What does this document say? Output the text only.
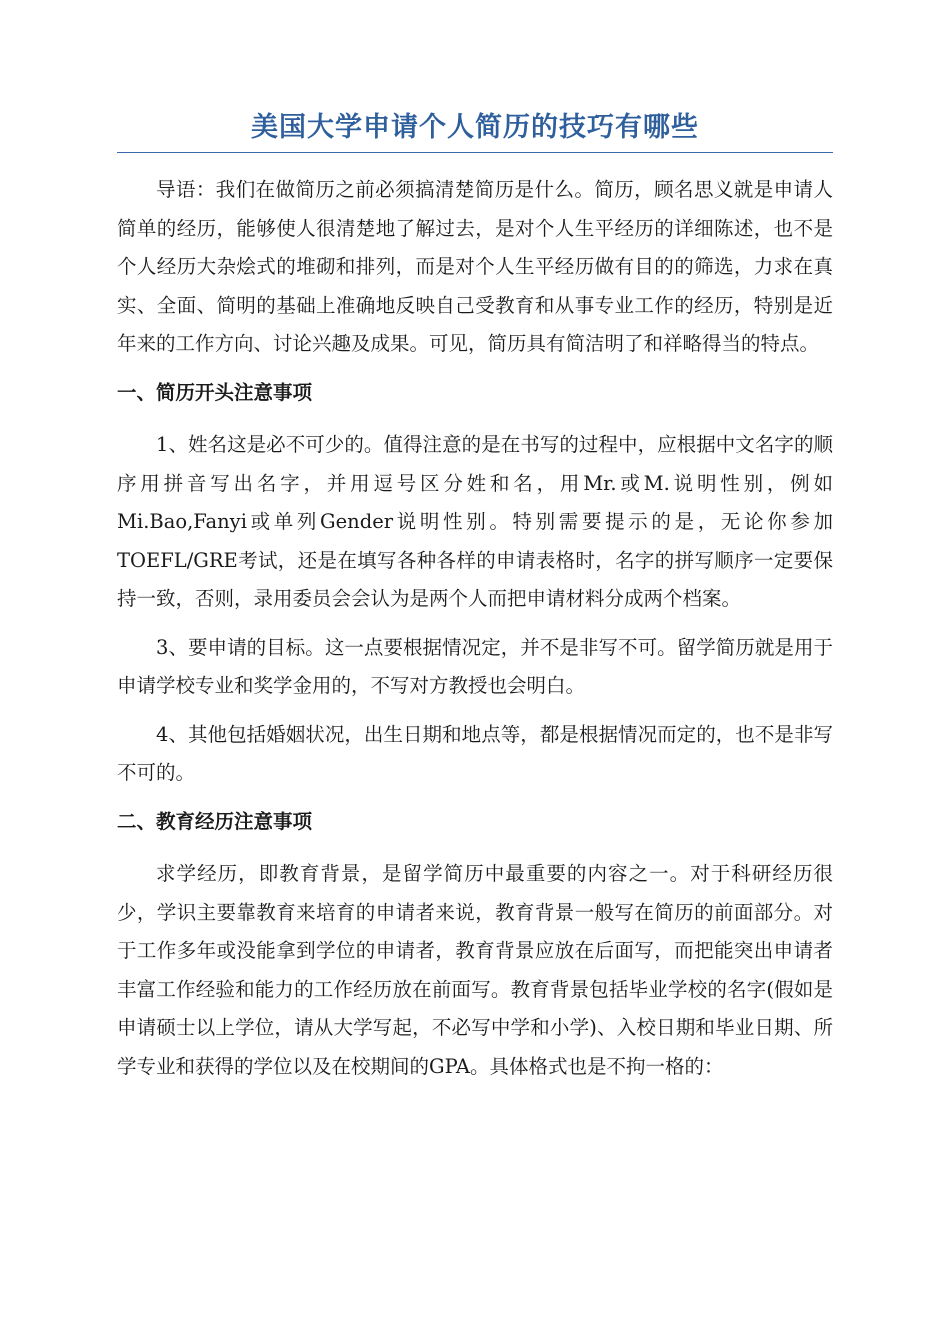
美国大学申请个人简历的技巧有哪些

导语：我们在做简历之前必须搞清楚简历是什么。简历，顾名思义就是申请人简单的经历，能够使人很清楚地了解过去，是对个人生平经历的详细陈述，也不是个人经历大杂烩式的堆砌和排列，而是对个人生平经历做有目的的筛选，力求在真实、全面、简明的基础上准确地反映自己受教育和从事专业工作的经历，特别是近年来的工作方向、讨论兴趣及成果。可见，简历具有简洁明了和祥略得当的特点。

一、简历开头注意事项

1、姓名这是必不可少的。值得注意的是在书写的过程中，应根据中文名字的顺序用拼音写出名字，并用逗号区分姓和名，用Mr.或M.说明性别，例如Mi.Bao,Fanyi或单列Gender说明性别。特别需要提示的是，无论你参加TOEFL/GRE考试，还是在填写各种各样的申请表格时，名字的拼写顺序一定要保持一致，否则，录用委员会会认为是两个人而把申请材料分成两个档案。

3、要申请的目标。这一点要根据情况定，并不是非写不可。留学简历就是用于申请学校专业和奖学金用的，不写对方教授也会明白。

4、其他包括婚姻状况，出生日期和地点等，都是根据情况而定的，也不是非写不可的。

二、教育经历注意事项

求学经历，即教育背景，是留学简历中最重要的内容之一。对于科研经历很少，学识主要靠教育来培育的申请者来说，教育背景一般写在简历的前面部分。对于工作多年或没能拿到学位的申请者，教育背景应放在后面写，而把能突出申请者丰富工作经验和能力的工作经历放在前面写。教育背景包括毕业学校的名字(假如是申请硕士以上学位，请从大学写起，不必写中学和小学)、入校日期和毕业日期、所学专业和获得的学位以及在校期间的GPA。具体格式也是不拘一格的：
